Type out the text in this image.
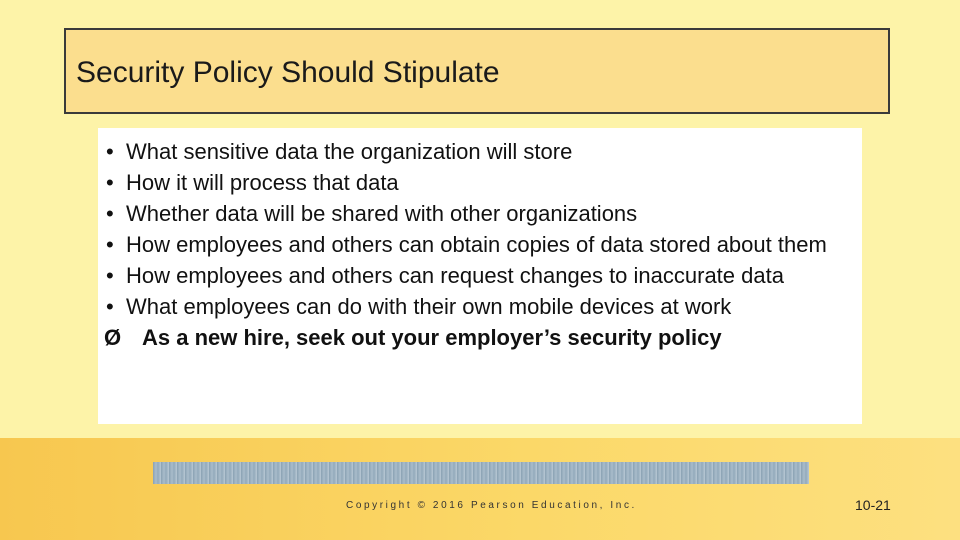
Security Policy Should Stipulate
• What sensitive data the organization will store
• How it will process that data
• Whether data will be shared with other organizations
• How employees and others can obtain copies of data stored about them
• How employees and others can request changes to inaccurate data
• What employees can do with their own mobile devices at work
Ø As a new hire, seek out your employer’s security policy
Copyright © 2016 Pearson Education, Inc.	10-21
